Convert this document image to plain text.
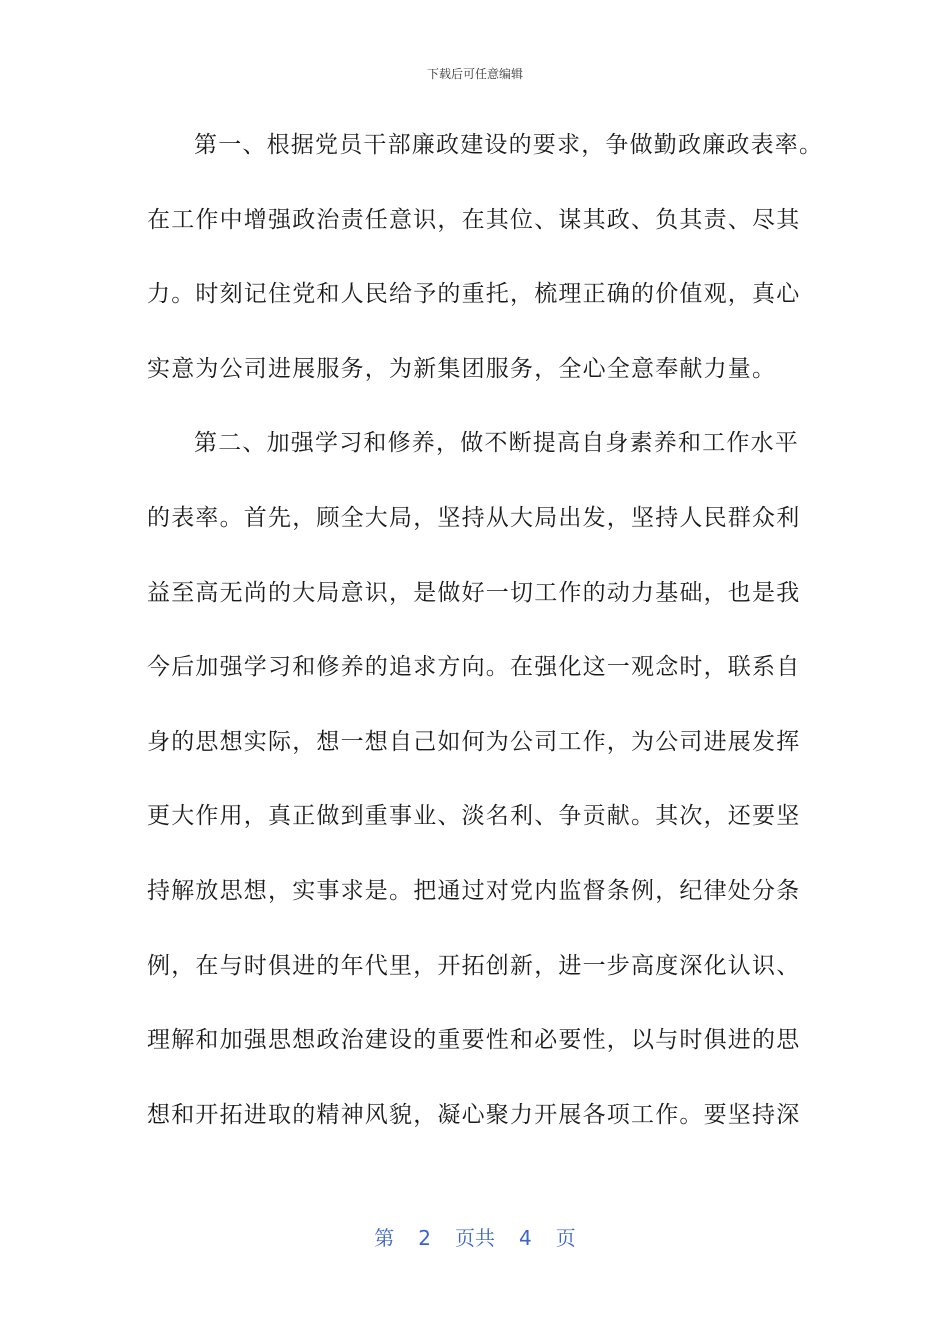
下载后可任意编辑
第一、根据党员干部廉政建设的要求，争做勤政廉政表率。
在工作中增强政治责任意识，在其位、谋其政、负其责、尽其
力。时刻记住党和人民给予的重托，梳理正确的价值观，真心
实意为公司进展服务，为新集团服务，全心全意奉献力量。
第二、加强学习和修养，做不断提高自身素养和工作水平
的表率。首先，顾全大局，坚持从大局出发，坚持人民群众利
益至高无尚的大局意识，是做好一切工作的动力基础，也是我
今后加强学习和修养的追求方向。在强化这一观念时，联系自
身的思想实际，想一想自己如何为公司工作，为公司进展发挥
更大作用，真正做到重事业、淡名利、争贡献。其次，还要坚
持解放思想，实事求是。把通过对党内监督条例，纪律处分条
例，在与时俱进的年代里，开拓创新，进一步高度深化认识、
理解和加强思想政治建设的重要性和必要性，以与时俱进的思
想和开拓进取的精神风貌，凝心聚力开展各项工作。要坚持深
第 2 页共 4 页
